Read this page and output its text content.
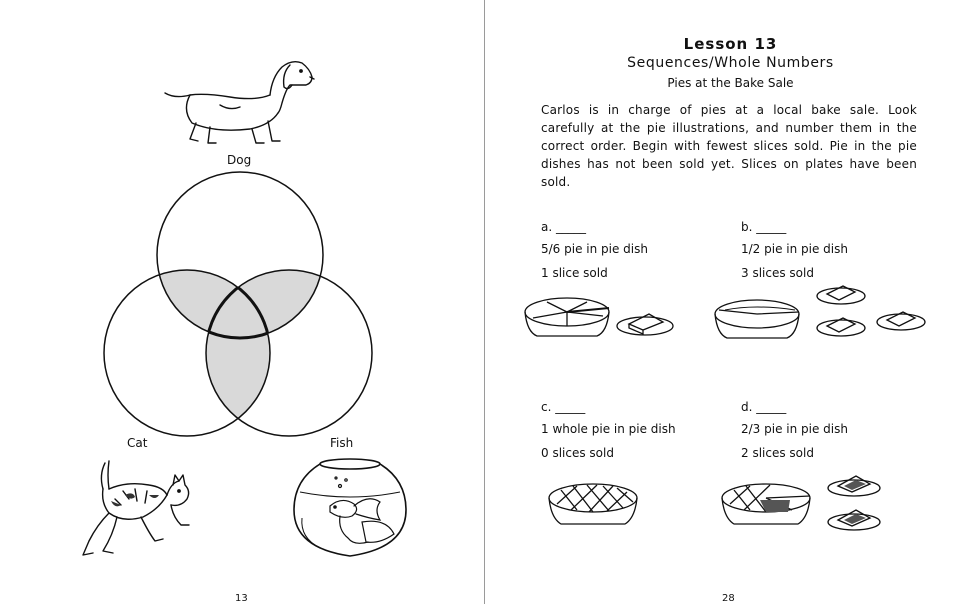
Dog
Cat	Fish
13
Lesson 13
Sequences/Whole Numbers
Pies at the Bake Sale
Carlos is in charge of pies at a local bake sale. Look carefully at the pie illustrations, and number them in the correct order. Begin with fewest slices sold. Pie in the pie dishes has not been sold yet. Slices on plates have been sold.
a. _____
5/6 pie in pie dish
1 slice sold
b. _____
1/2 pie in pie dish
3 slices sold
c. _____
1 whole pie in pie dish
0 slices sold
d. _____
2/3 pie in pie dish
2 slices sold
28
